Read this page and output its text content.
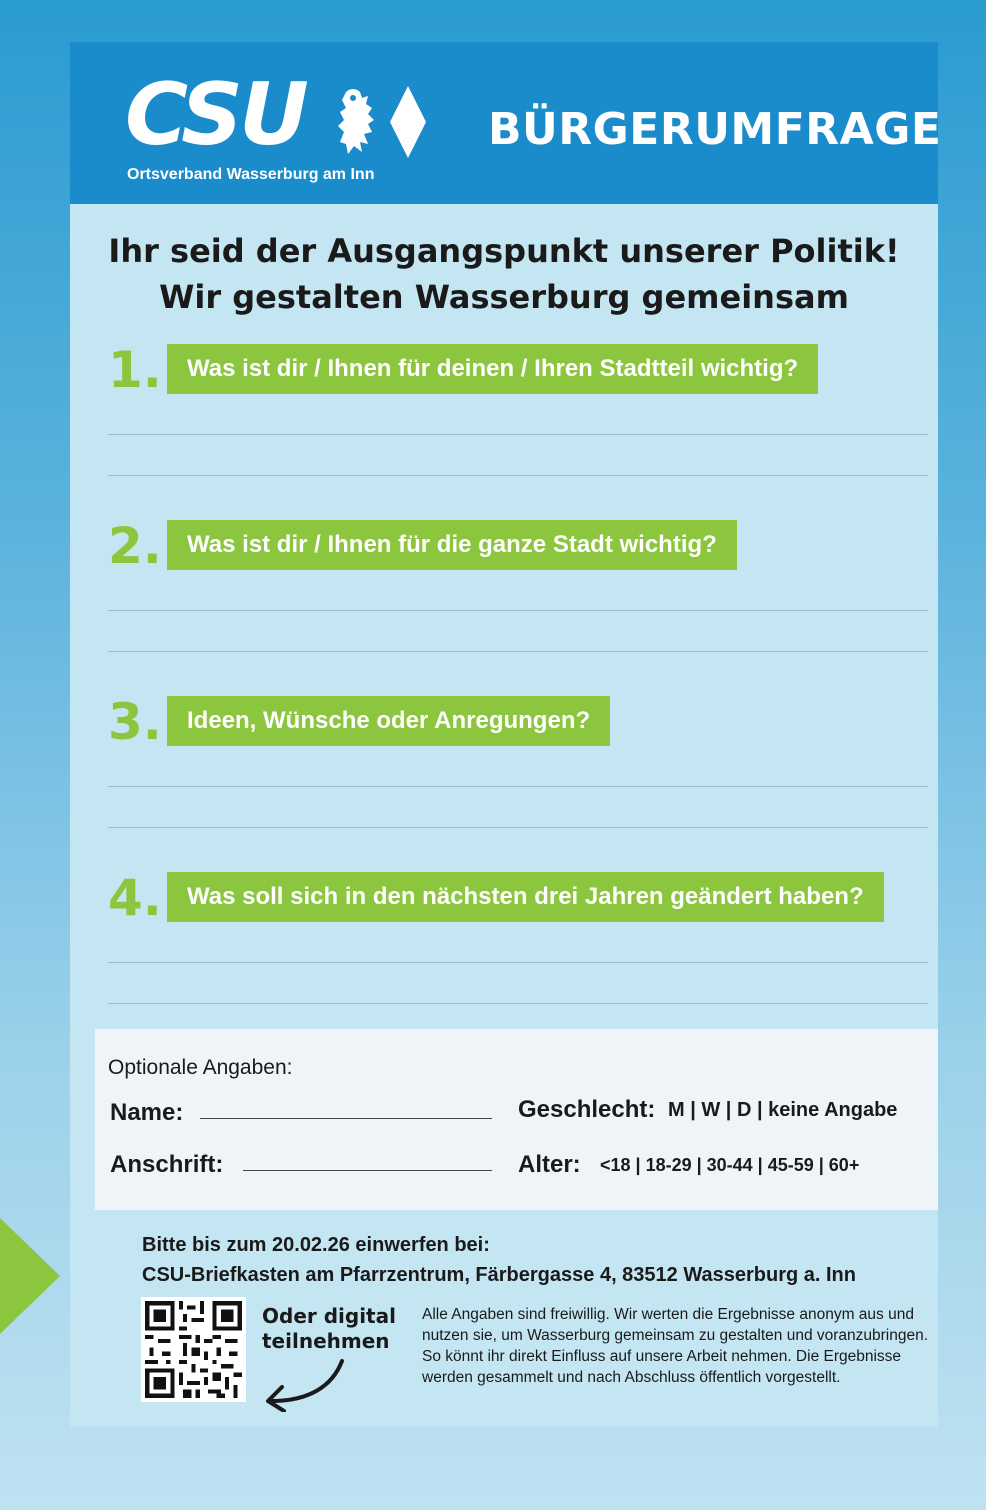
CSU
Ortsverband Wasserburg am Inn
BÜRGERUMFRAGE
Ihr seid der Ausgangspunkt unserer Politik!
Wir gestalten Wasserburg gemeinsam
1.	Was ist dir / Ihnen für deinen / Ihren Stadtteil wichtig?
2.	Was ist dir / Ihnen für die ganze Stadt wichtig?
3.	Ideen, Wünsche oder Anregungen?
4.	Was soll sich in den nächsten drei Jahren geändert haben?
Optionale Angaben:
Name:
Anschrift:
Geschlecht: M | W | D | keine Angabe
Alter: <18 | 18-29 | 30-44 | 45-59 | 60+
Bitte bis zum 20.02.26 einwerfen bei:
CSU-Briefkasten am Pfarrzentrum, Färbergasse 4, 83512 Wasserburg a. Inn
Oder digital
teilnehmen
Alle Angaben sind freiwillig. Wir werten die Ergebnisse anonym aus und nutzen sie, um Wasserburg gemeinsam zu gestalten und voranzubringen. So könnt ihr direkt Einfluss auf unsere Arbeit nehmen. Die Ergebnisse werden gesammelt und nach Abschluss öffentlich vorgestellt.
